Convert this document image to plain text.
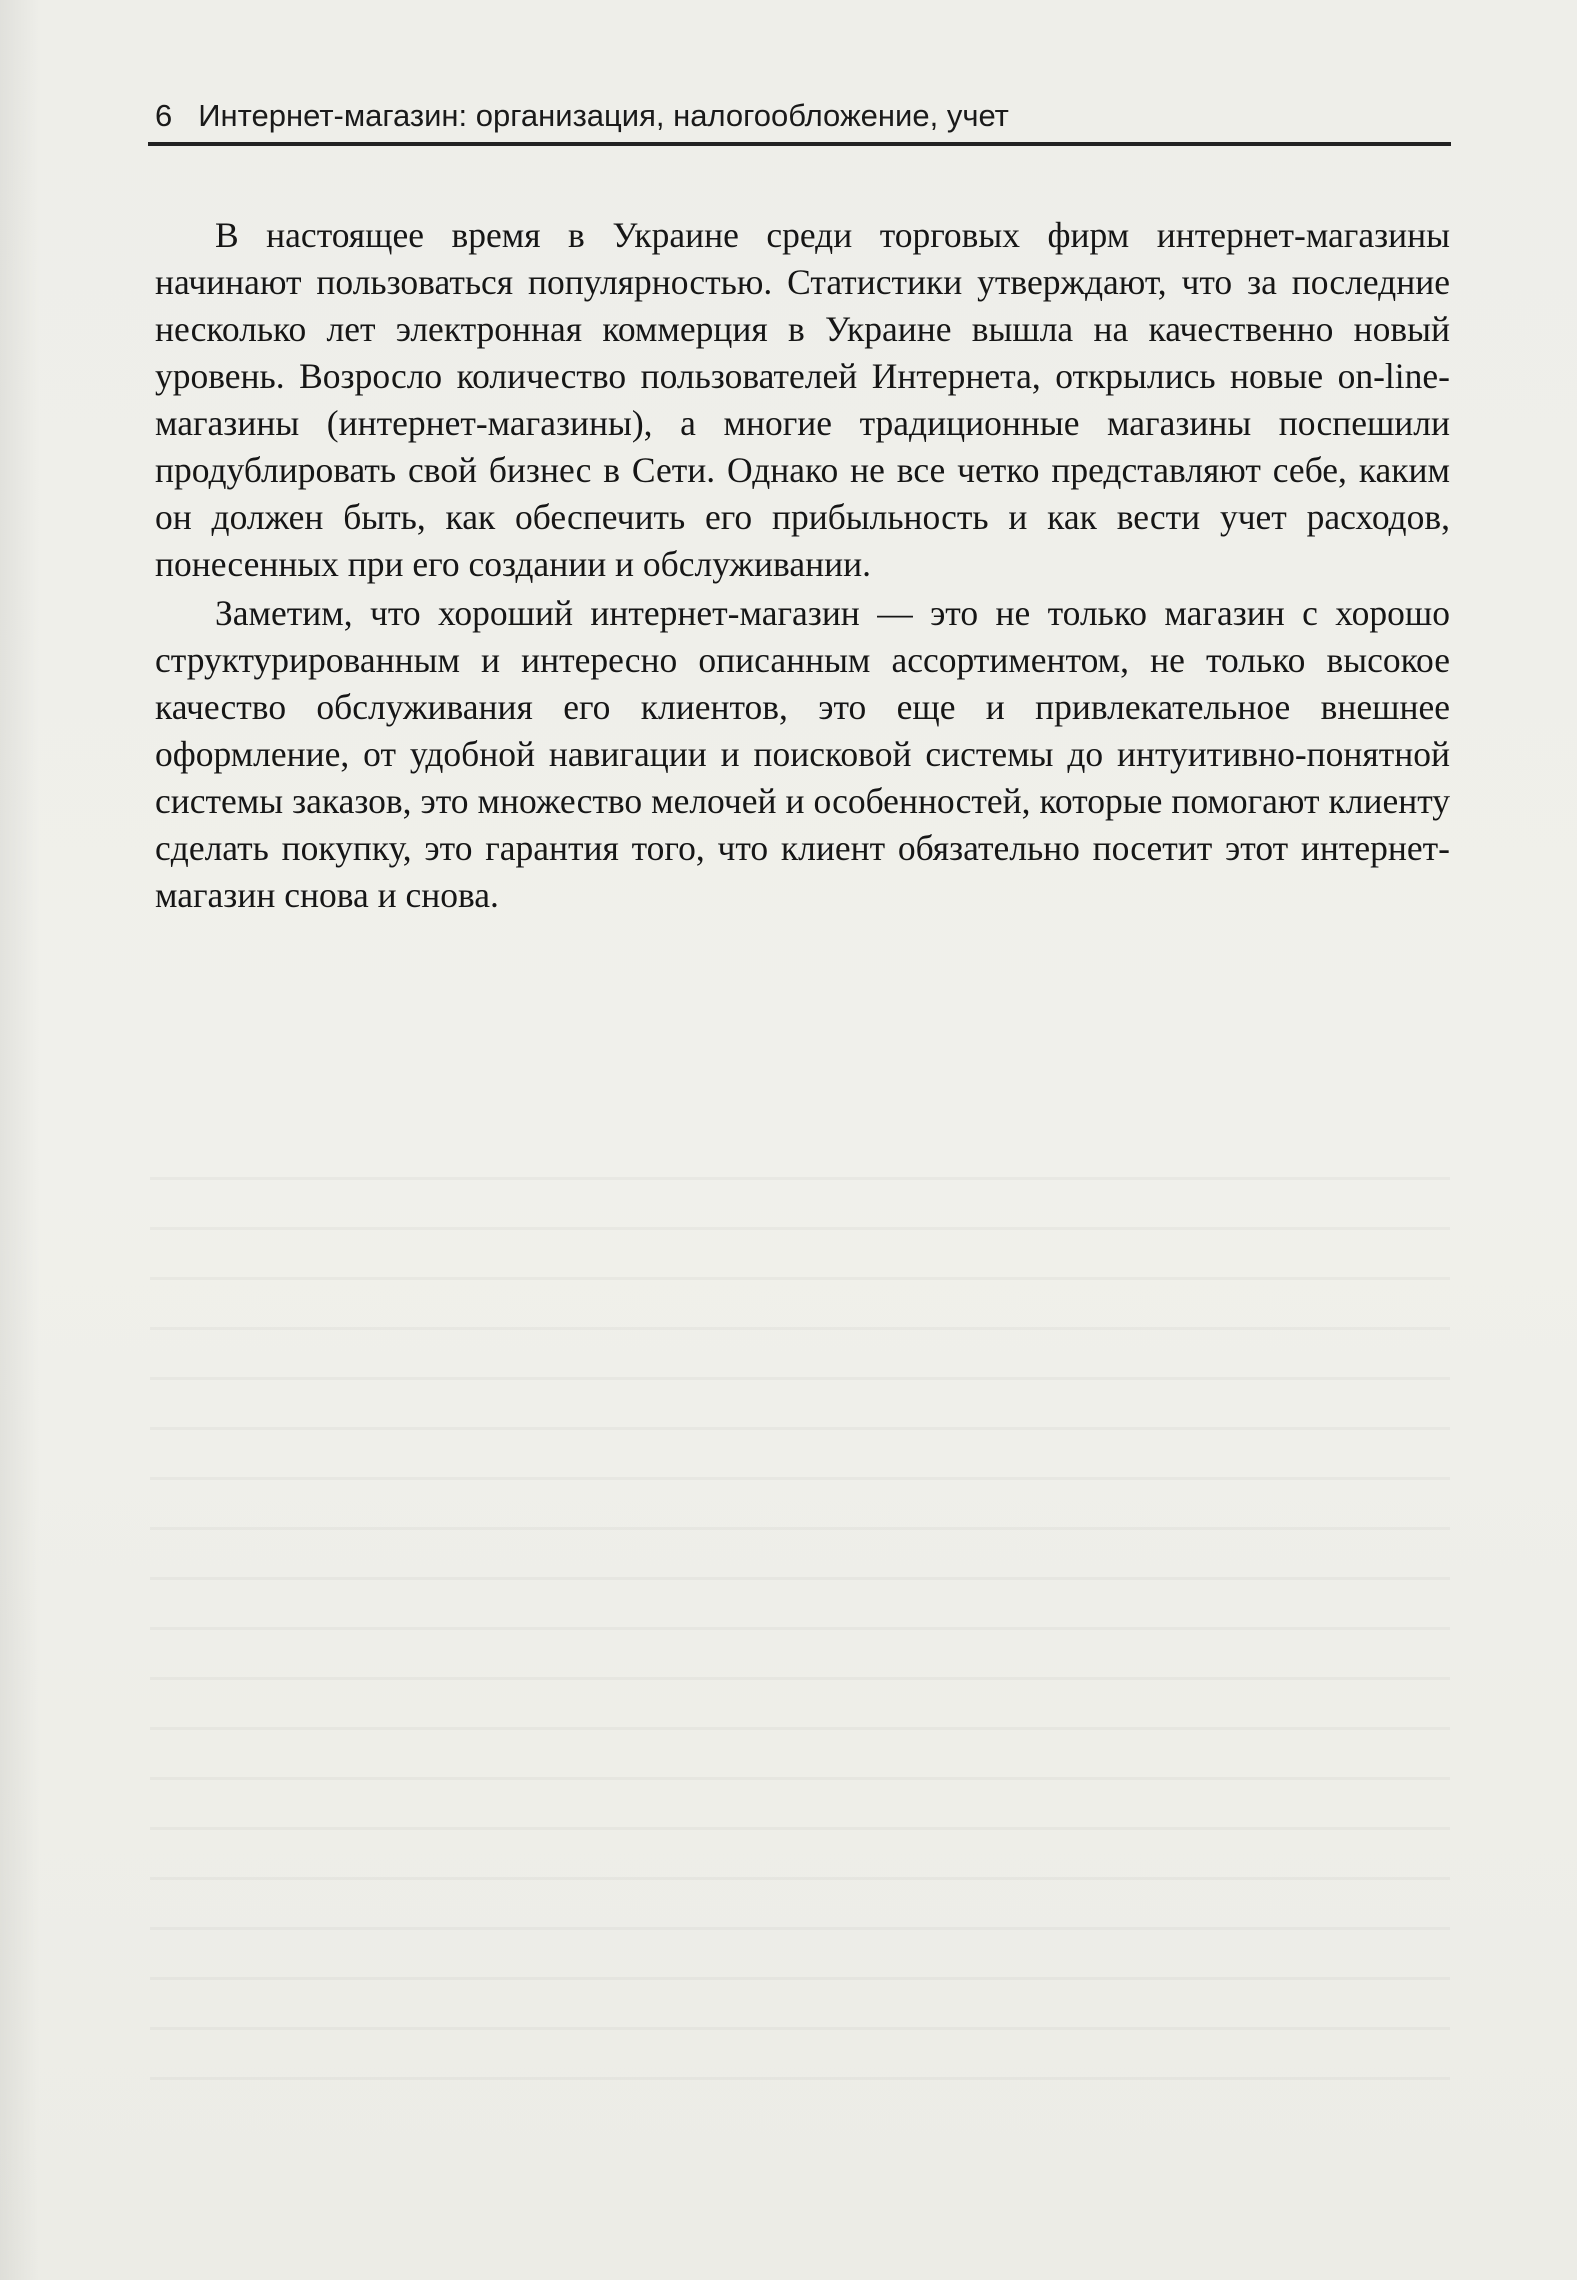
6 Интернет-магазин: организация, налогообложение, учет

В настоящее время в Украине среди торговых фирм интернет-магазины начинают пользоваться популярностью. Статистики утверждают, что за последние несколько лет электронная коммерция в Украине вышла на качественно новый уровень. Возросло количество пользователей Интернета, открылись новые on-line-магазины (интернет-магазины), а многие традиционные магазины поспешили продублировать свой бизнес в Сети. Однако не все четко представляют себе, каким он должен быть, как обеспечить его прибыльность и как вести учет расходов, понесенных при его создании и обслуживании.

Заметим, что хороший интернет-магазин — это не только магазин с хорошо структурированным и интересно описанным ассортиментом, не только высокое качество обслуживания его клиентов, это еще и привлекательное внешнее оформление, от удобной навигации и поисковой системы до интуитивно-понятной системы заказов, это множество мелочей и особенностей, которые помогают клиенту сделать покупку, это гарантия того, что клиент обязательно посетит этот интернет-магазин снова и снова.
